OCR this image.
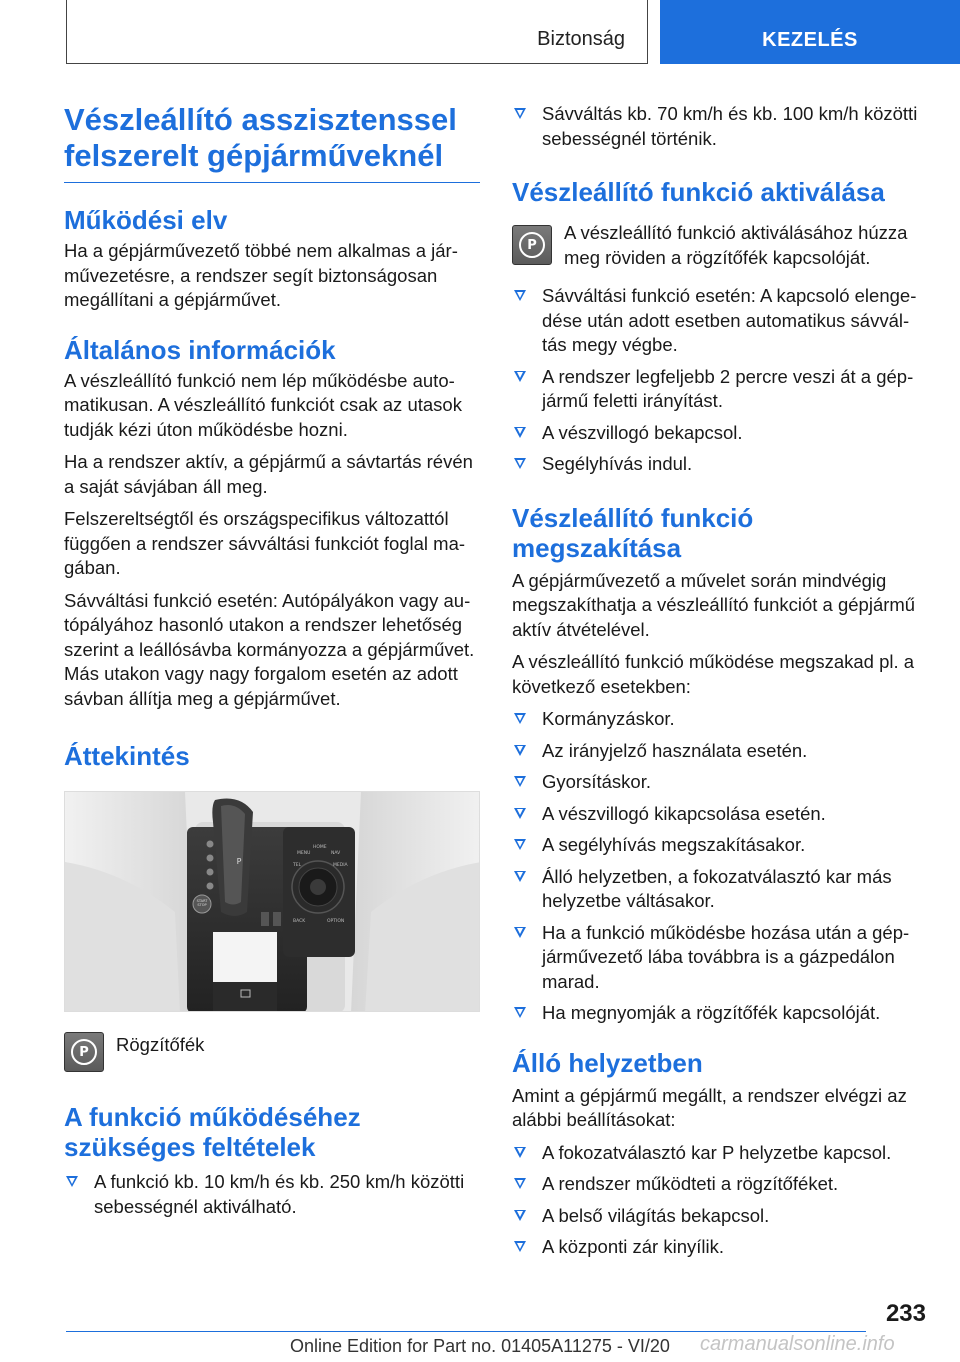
Biztonság	KEZELÉS
Vészleállító asszisztenssel felszerelt gépjárműveknél
Működési elv

Ha a gépjárművezető többé nem alkalmas a járművezetésre, a rendszer segít biztonságosan megállítani a gépjárművet.

Általános információk

A vészleállító funkció nem lép működésbe automatikusan. A vészleállító funkciót csak az utasok tudják kézi úton működésbe hozni.

Ha a rendszer aktív, a gépjármű a sávtartás révén a saját sávjában áll meg.

Felszereltségtől és országspecifikus változattól függően a rendszer sávváltási funkciót foglal magában.

Sávváltási funkció esetén: Autópályákon vagy autópályához hasonló utakon a rendszer lehetőség szerint a leállósávba kormányozza a gépjárművet. Más utakon vagy nagy forgalom esetén az adott sávban állítja meg a gépjárművet.

Áttekintés
START
STOP
P
MENU
HOME
NAV
TEL	MEDIA
BACK	OPTION
P	Rögzítőfék

A funkció működéséhez szükséges feltételek
A funkció kb. 10 km/h és kb. 250 km/h közötti sebességnél aktiválható.
Sávváltás kb. 70 km/h és kb. 100 km/h közötti sebességnél történik.
Vészleállító funkció aktiválása
P

A vészleállító funkció aktiválásához húzza meg röviden a rögzítőfék kapcsolóját.

Sávváltási funkció esetén: A kapcsoló elengedése után adott esetben automatikus sávváltás megy végbe.
A rendszer legfeljebb 2 percre veszi át a gépjármű feletti irányítást.
A vészvillogó bekapcsol.
Segélyhívás indul.
Vészleállító funkció megszakítása

A gépjárművezető a művelet során mindvégig megszakíthatja a vészleállító funkciót a gépjármű aktív átvételével.

A vészleállító funkció működése megszakad pl. a következő esetekben:

Kormányzáskor.
Az irányjelző használata esetén.
Gyorsításkor.
A vészvillogó kikapcsolása esetén.
A segélyhívás megszakításakor.
Álló helyzetben, a fokozatválasztó kar más helyzetbe váltásakor.
Ha a funkció működésbe hozása után a gépjárművezető lába továbbra is a gázpedálon marad.
Ha megnyomják a rögzítőfék kapcsolóját.
Álló helyzetben

Amint a gépjármű megállt, a rendszer elvégzi az alábbi beállításokat:

A fokozatválasztó kar P helyzetbe kapcsol.
A rendszer működteti a rögzítőféket.
A belső világítás bekapcsol.
A központi zár kinyílik.
233
Online Edition for Part no. 01405A11275 - VI/20 carmanualsonline.info
